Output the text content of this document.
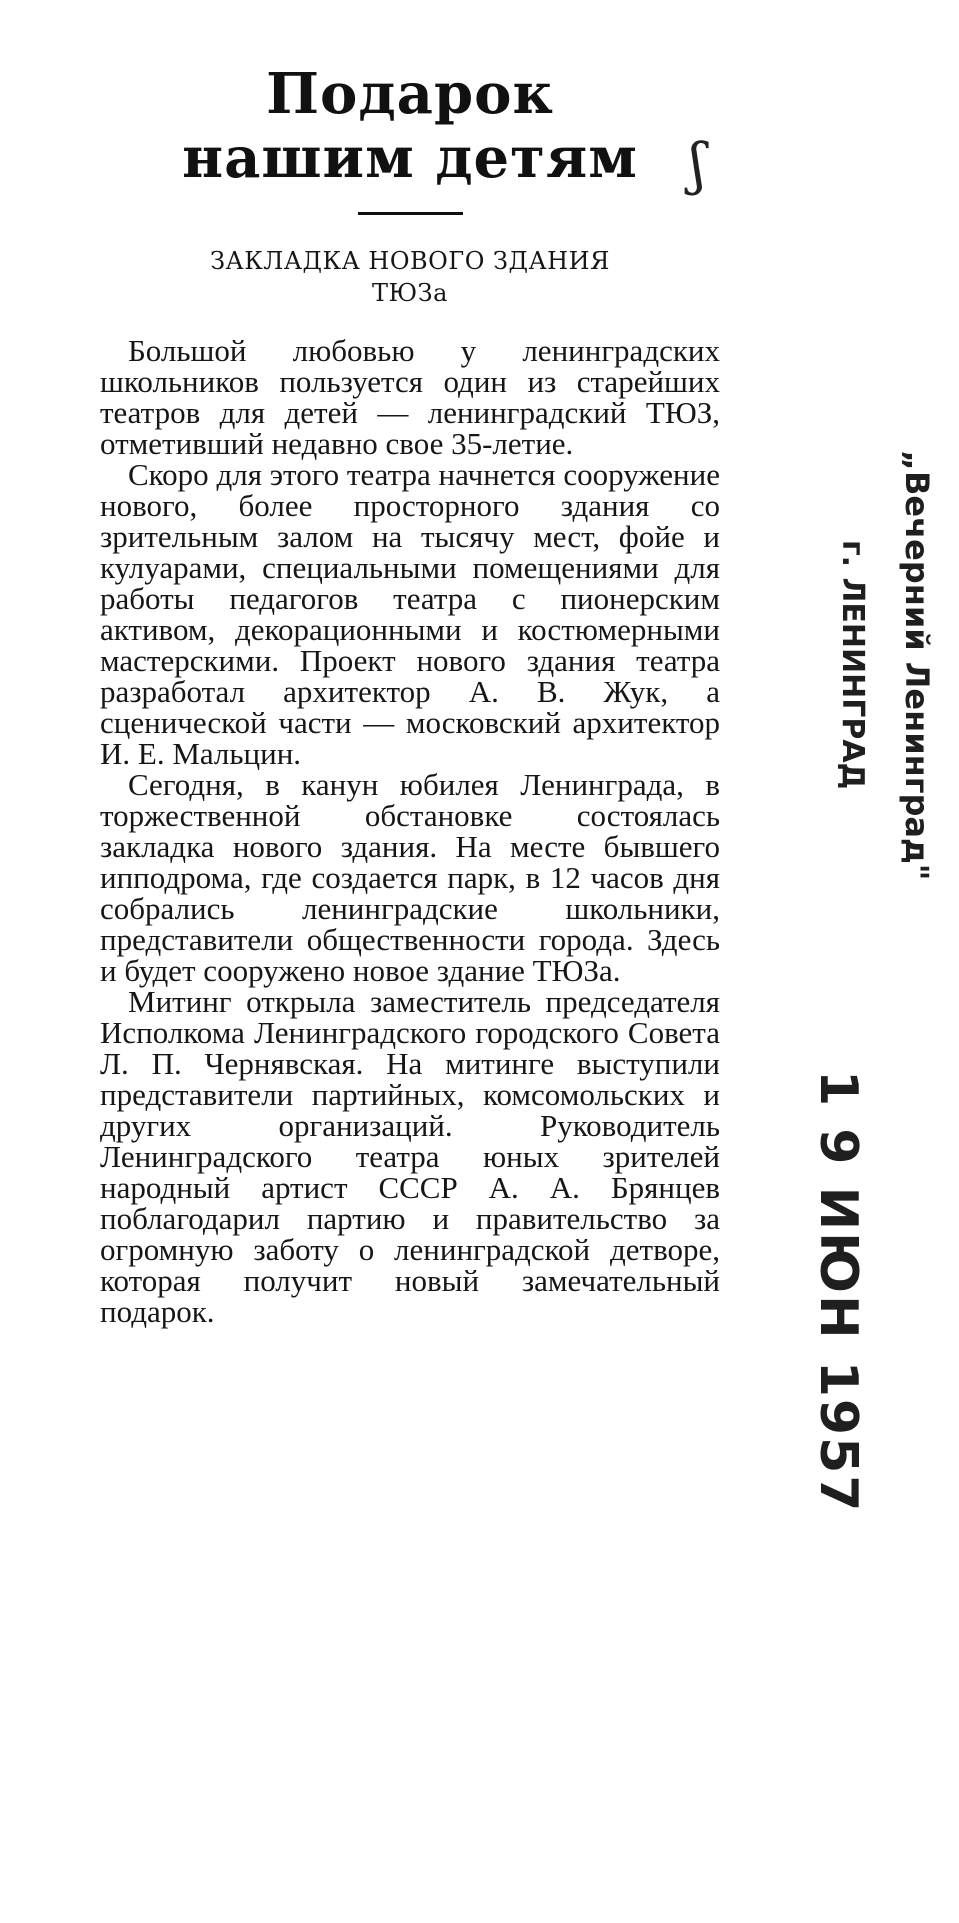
Подарок
нашим детям

ЗАКЛАДКА НОВОГО ЗДАНИЯ
ТЮЗа

Большой любовью у ленинградских школьников пользуется один из старейших театров для детей — ленинградский ТЮЗ, отметивший недавно свое 35-летие.

Скоро для этого театра начнется сооружение нового, более просторного здания со зрительным залом на тысячу мест, фойе и кулуарами, специальными помещениями для работы педагогов театра с пионерским активом, декорационными и костюмерными мастерскими. Проект нового здания театра разработал архитектор А. В. Жук, а сценической части — московский архитектор И. Е. Мальцин.

Сегодня, в канун юбилея Ленинграда, в торжественной обстановке состоялась закладка нового здания. На месте бывшего ипподрома, где создается парк, в 12 часов дня собрались ленинградские школьники, представители общественности города. Здесь и будет сооружено новое здание ТЮЗа.

Митинг открыла заместитель председателя Исполкома Ленинградского городского Совета Л. П. Чернявская. На митинге выступили представители партийных, комсомольских и других организаций. Руководитель Ленинградского театра юных зрителей народный артист СССР А. А. Брянцев поблагодарил партию и правительство за огромную заботу о ленинградской детворе, которая получит новый замечательный подарок.

ʃ
„Вечерний Ленинград"
г. ЛЕНИНГРАД
1 9 ИЮН 1957
